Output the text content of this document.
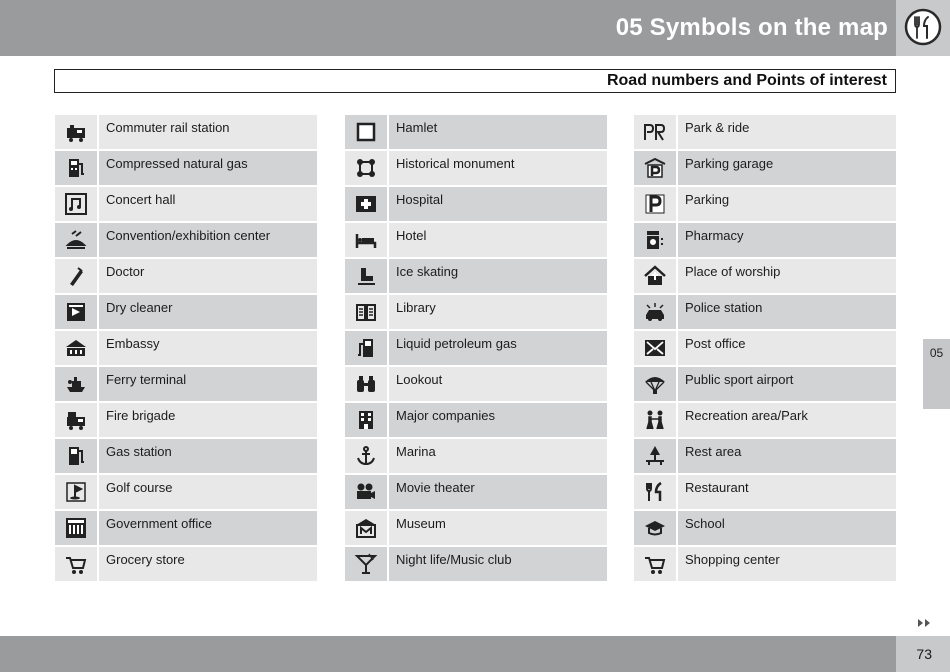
05 Symbols on the map
Road numbers and Points of interest
Commuter rail station
Compressed natural gas
Concert hall
Convention/exhibition center
Doctor
Dry cleaner
Embassy
Ferry terminal
Fire brigade
Gas station
Golf course
Government office
Grocery store
Hamlet
Historical monument
Hospital
Hotel
Ice skating
Library
Liquid petroleum gas
Lookout
Major companies
Marina
Movie theater
Museum
Night life/Music club
Park & ride
Parking garage
Parking
Pharmacy
Place of worship
Police station
Post office
Public sport airport
Recreation area/Park
Rest area
Restaurant
School
Shopping center
05
73
